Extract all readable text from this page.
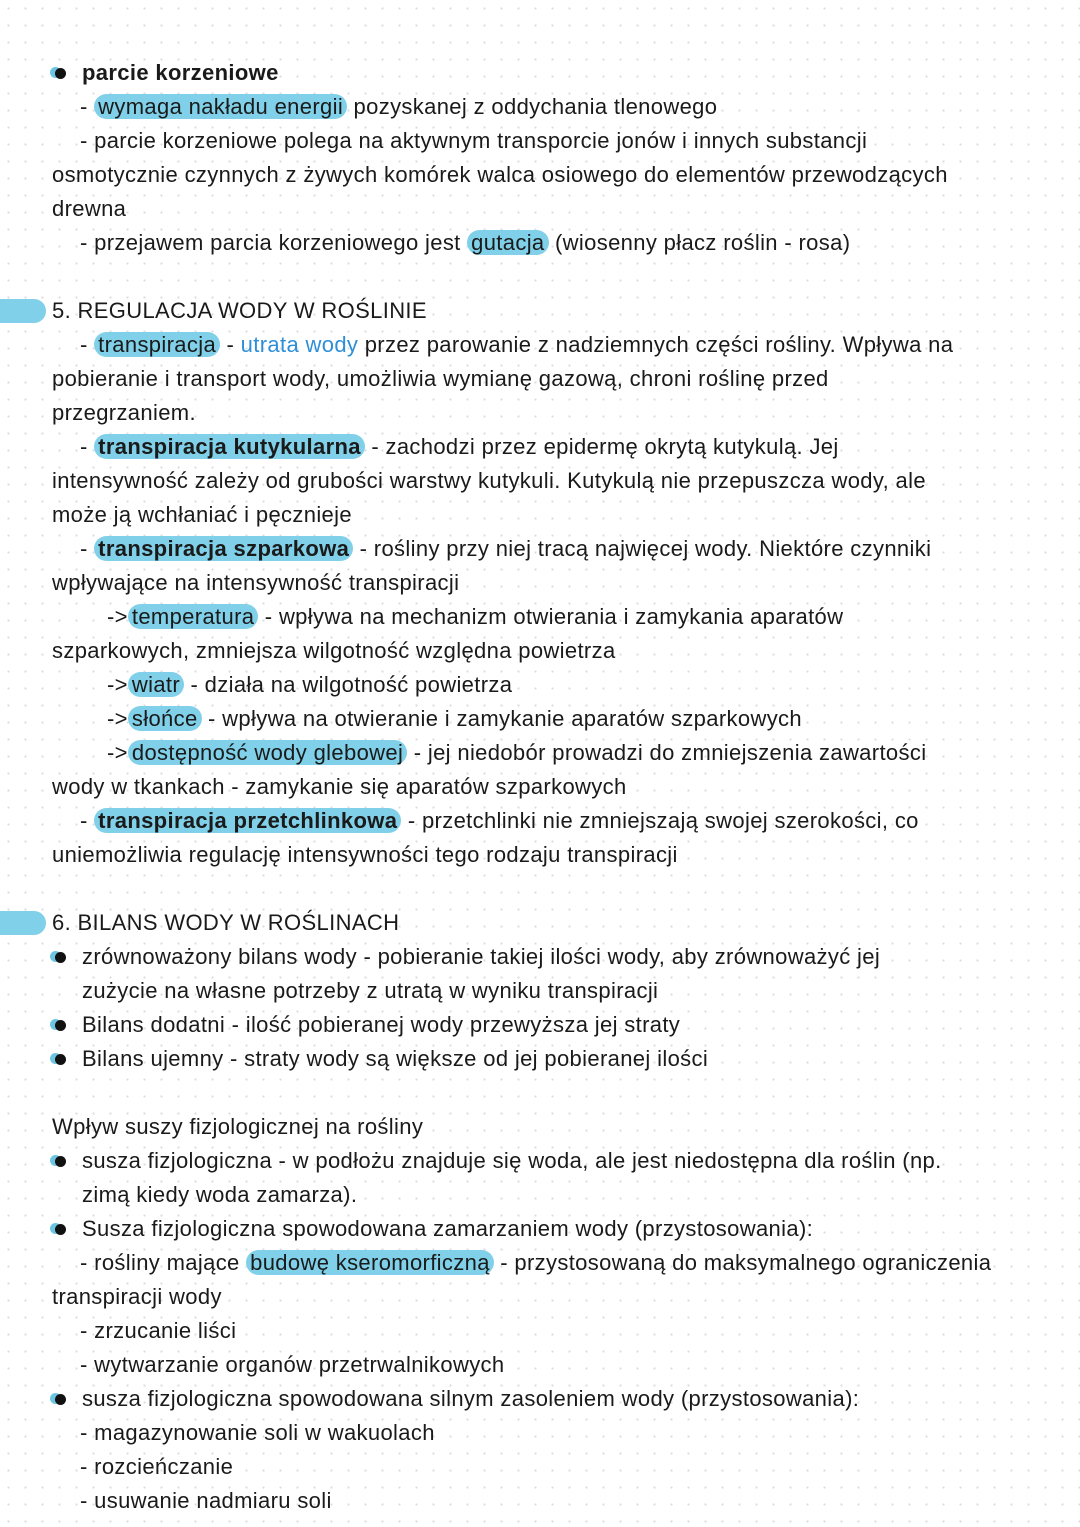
parcie korzeniowe
- wymaga nakładu energii pozyskanej z oddychania tlenowego
- parcie korzeniowe polega na aktywnym transporcie jonów i innych substancji
osmotycznie czynnych z żywych komórek walca osiowego do elementów przewodzących
drewna
- przejawem parcia korzeniowego jest gutacja (wiosenny płacz roślin - rosa)
5. REGULACJA WODY W ROŚLINIE
- transpiracja - utrata wody przez parowanie z nadziemnych części rośliny. Wpływa na
pobieranie i transport wody, umożliwia wymianę gazową, chroni roślinę przed
przegrzaniem.
- transpiracja kutykularna - zachodzi przez epidermę okrytą kutykulą. Jej
intensywność zależy od grubości warstwy kutykuli. Kutykulą nie przepuszcza wody, ale
może ją wchłaniać i pęcznieje
- transpiracja szparkowa - rośliny przy niej tracą najwięcej wody. Niektóre czynniki
wpływające na intensywność transpiracji
-> temperatura - wpływa na mechanizm otwierania i zamykania aparatów
szparkowych, zmniejsza wilgotność względna powietrza
-> wiatr - działa na wilgotność powietrza
-> słońce - wpływa na otwieranie i zamykanie aparatów szparkowych
-> dostępność wody glebowej - jej niedobór prowadzi do zmniejszenia zawartości
wody w tkankach - zamykanie się aparatów szparkowych
- transpiracja przetchlinkowa - przetchlinki nie zmniejszają swojej szerokości, co
uniemożliwia regulację intensywności tego rodzaju transpiracji
6. BILANS WODY W ROŚLINACH
zrównoważony bilans wody - pobieranie takiej ilości wody, aby zrównoważyć jej
zużycie na własne potrzeby z utratą w wyniku transpiracji
Bilans dodatni - ilość pobieranej wody przewyższa jej straty
Bilans ujemny - straty wody są większe od jej pobieranej ilości
Wpływ suszy fizjologicznej na rośliny
susza fizjologiczna - w podłożu znajduje się woda, ale jest niedostępna dla roślin (np.
zimą kiedy woda zamarza).
Susza fizjologiczna spowodowana zamarzaniem wody (przystosowania):
- rośliny mające budowę kseromorficzną - przystosowaną do maksymalnego ograniczenia
transpiracji wody
- zrzucanie liści
- wytwarzanie organów przetrwalnikowych
susza fizjologiczna spowodowana silnym zasoleniem wody (przystosowania):
- magazynowanie soli w wakuolach
- rozcieńczanie
- usuwanie nadmiaru soli
